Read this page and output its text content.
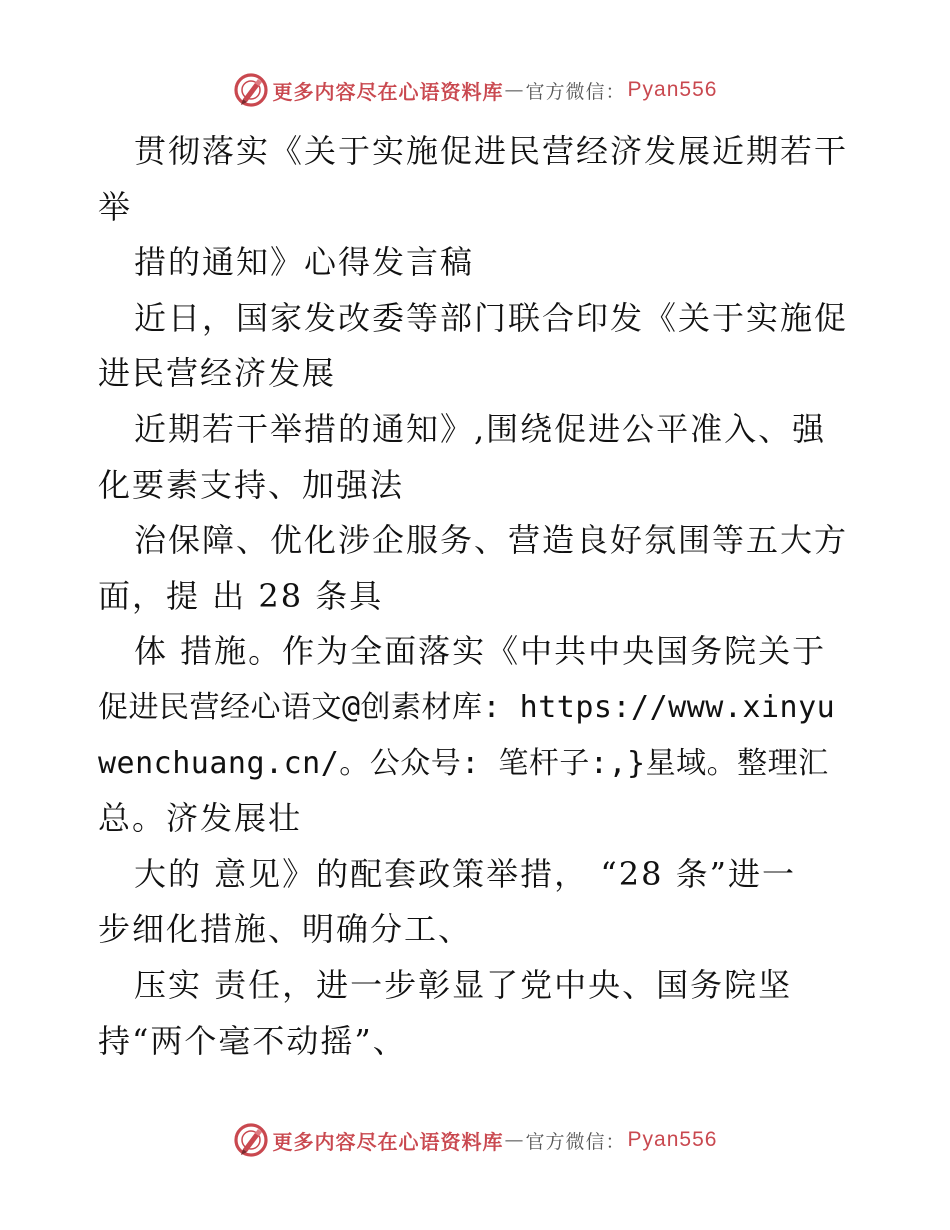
更多内容尽在心语资料库 — 官方微信： Pyan556
贯彻落实《关于实施促进民营经济发展近期若干
举
措的通知》心得发言稿
近日，国家发改委等部门联合印发《关于实施促
进民营经济发展
近期若干举措的通知》,围绕促进公平准入、强
化要素支持、加强法
治保障、优化涉企服务、营造良好氛围等五大方
面，提 出 28 条具
体 措施。作为全面落实《中共中央国务院关于
促进民营经心语文@创素材库: https://www.xinyu
wenchuang.cn/。公众号: 笔杆子:,}星域。整理汇
总。济发展壮
大的 意见》的配套政策举措， “28 条”进一
步细化措施、明确分工、
压实 责任，进一步彰显了党中央、国务院坚
持“两个毫不动摇”、
更多内容尽在心语资料库 — 官方微信： Pyan556
